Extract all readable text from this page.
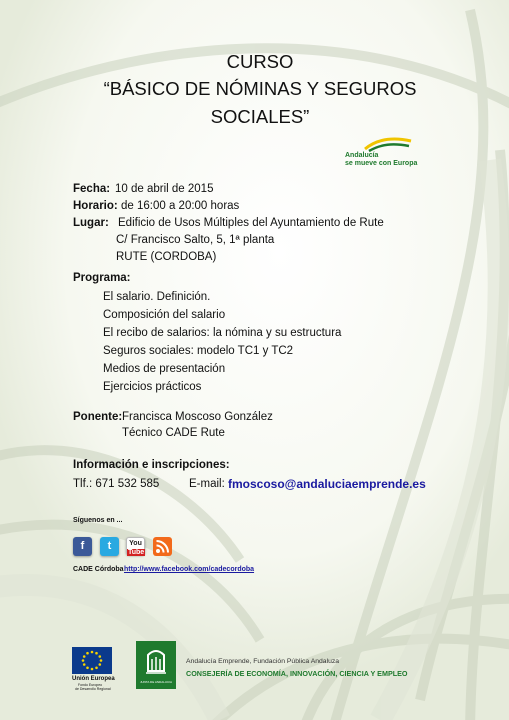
CURSO
“BÁSICO DE NÓMINAS Y SEGUROS
SOCIALES”
Andalucía
se mueve con Europa
Fecha: 10 de abril de 2015
Horario: de 16:00 a 20:00 horas
Lugar: Edificio de Usos Múltiples del Ayuntamiento de Rute
C/ Francisco Salto, 5, 1ª planta
RUTE (CORDOBA)
Programa:
El salario. Definición.
Composición del salario
El recibo de salarios: la nómina y su estructura
Seguros sociales: modelo TC1 y TC2
Medios de presentación
Ejercicios prácticos
Ponente: Francisca Moscoso González
Técnico CADE Rute
Información e inscripciones:
Tlf.: 671 532 585	E-mail: fmoscoso@andaluciaemprende.es
Síguenos en ...
f	t	You
Tube
CADE Córdoba http://www.facebook.com/cadecordoba
Unión Europea
Fondo Europeo
de Desarrollo Regional
JUNTA DE ANDALUCIA
Andalucía Emprende, Fundación Pública Andaluza
CONSEJERÍA DE ECONOMÍA, INNOVACIÓN, CIENCIA Y EMPLEO
